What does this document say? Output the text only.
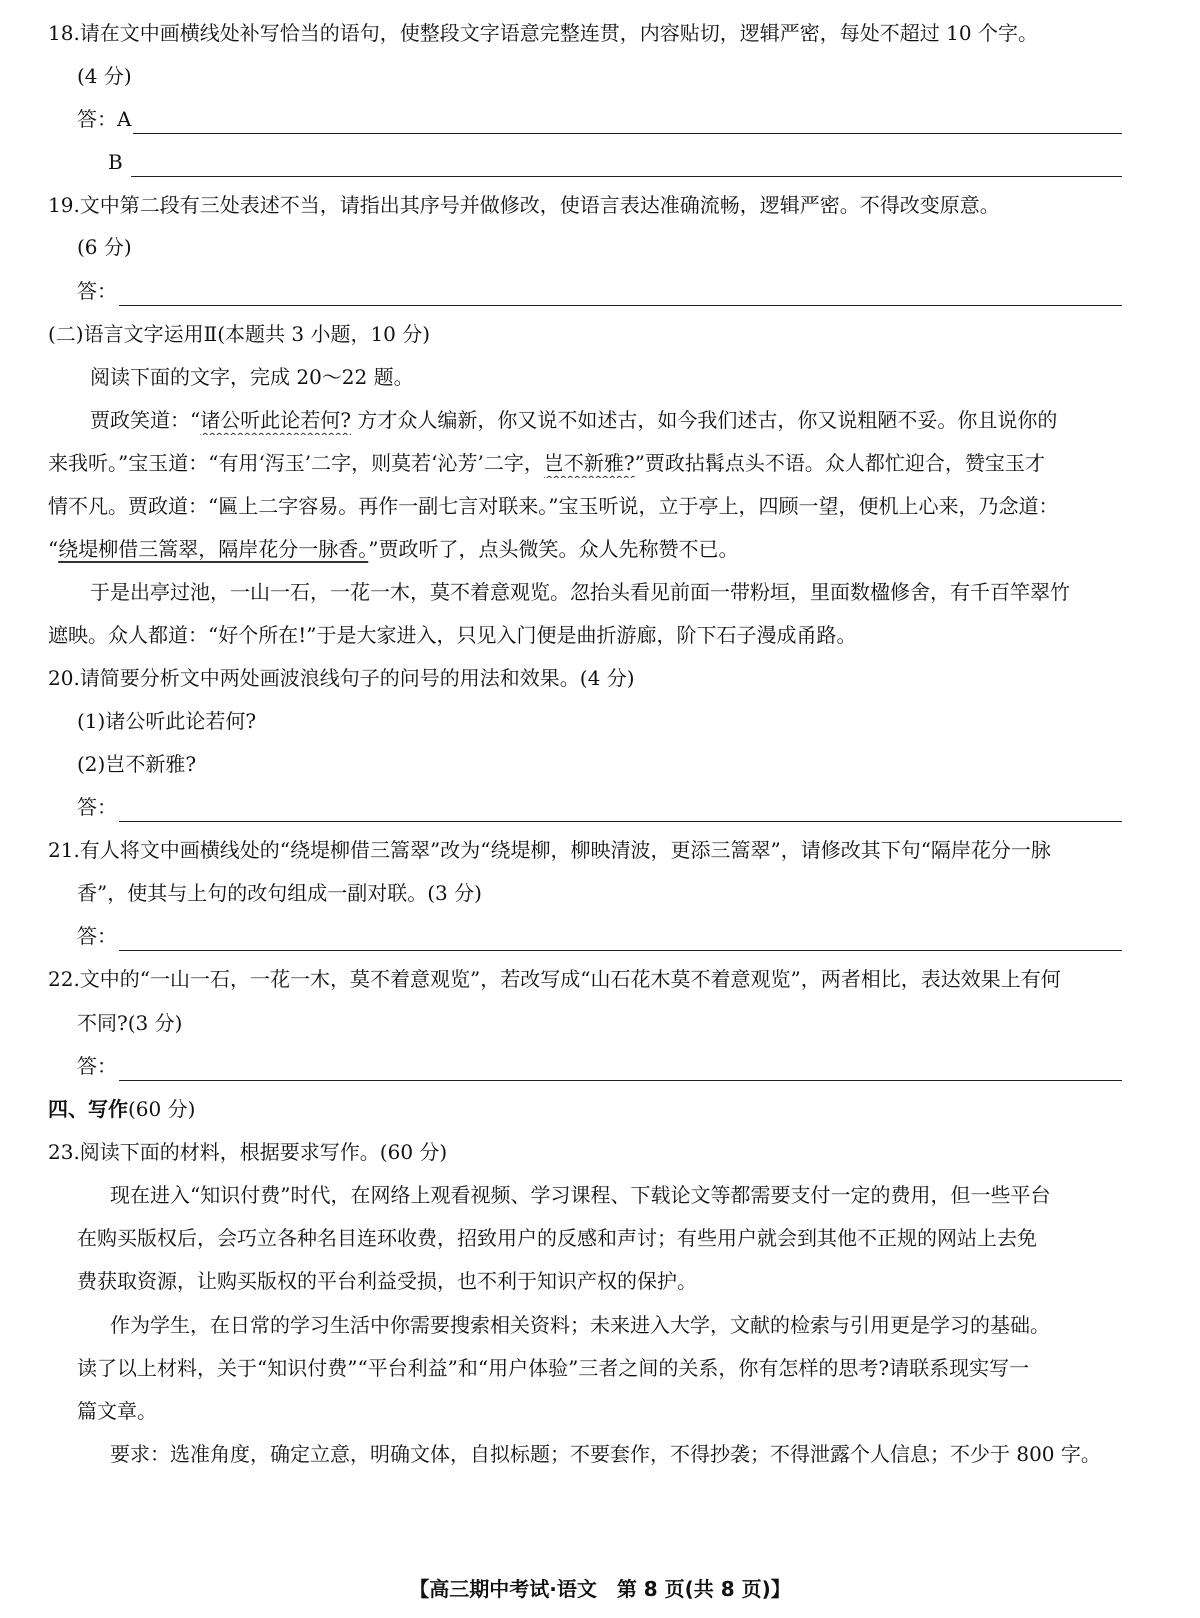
18.请在文中画横线处补写恰当的语句，使整段文字语意完整连贯，内容贴切，逻辑严密，每处不超过 10 个字。
(4 分)
答：A
B
19.文中第二段有三处表述不当，请指出其序号并做修改，使语言表达准确流畅，逻辑严密。不得改变原意。
(6 分)
答：
(二)语言文字运用Ⅱ(本题共 3 小题，10 分)
阅读下面的文字，完成 20～22 题。
贾政笑道：“诸公听此论若何? 方才众人编新，你又说不如述古，如今我们述古，你又说粗陋不妥。你且说你的
来我听。”宝玉道：“有用‘泻玉’二字，则莫若‘沁芳’二字，岂不新雅?”贾政拈髯点头不语。众人都忙迎合，赞宝玉才
情不凡。贾政道：“匾上二字容易。再作一副七言对联来。”宝玉听说，立于亭上，四顾一望，便机上心来，乃念道：
“绕堤柳借三篙翠，隔岸花分一脉香。”贾政听了，点头微笑。众人先称赞不已。
于是出亭过池，一山一石，一花一木，莫不着意观览。忽抬头看见前面一带粉垣，里面数楹修舍，有千百竿翠竹
遮映。众人都道：“好个所在!”于是大家进入，只见入门便是曲折游廊，阶下石子漫成甬路。
20.请简要分析文中两处画波浪线句子的问号的用法和效果。(4 分)
(1)诸公听此论若何?
(2)岂不新雅?
答：
21.有人将文中画横线处的“绕堤柳借三篙翠”改为“绕堤柳，柳映清波，更添三篙翠”，请修改其下句“隔岸花分一脉
香”，使其与上句的改句组成一副对联。(3 分)
答：
22.文中的“一山一石，一花一木，莫不着意观览”，若改写成“山石花木莫不着意观览”，两者相比，表达效果上有何
不同?(3 分)
答：
四、写作(60 分)
23.阅读下面的材料，根据要求写作。(60 分)
现在进入“知识付费”时代，在网络上观看视频、学习课程、下载论文等都需要支付一定的费用，但一些平台
在购买版权后，会巧立各种名目连环收费，招致用户的反感和声讨；有些用户就会到其他不正规的网站上去免
费获取资源，让购买版权的平台利益受损，也不利于知识产权的保护。
作为学生，在日常的学习生活中你需要搜索相关资料；未来进入大学，文献的检索与引用更是学习的基础。
读了以上材料，关于“知识付费”“平台利益”和“用户体验”三者之间的关系，你有怎样的思考?请联系现实写一
篇文章。
要求：选准角度，确定立意，明确文体，自拟标题；不要套作，不得抄袭；不得泄露个人信息；不少于 800 字。
【高三期中考试·语文　第 8 页(共 8 页)】
